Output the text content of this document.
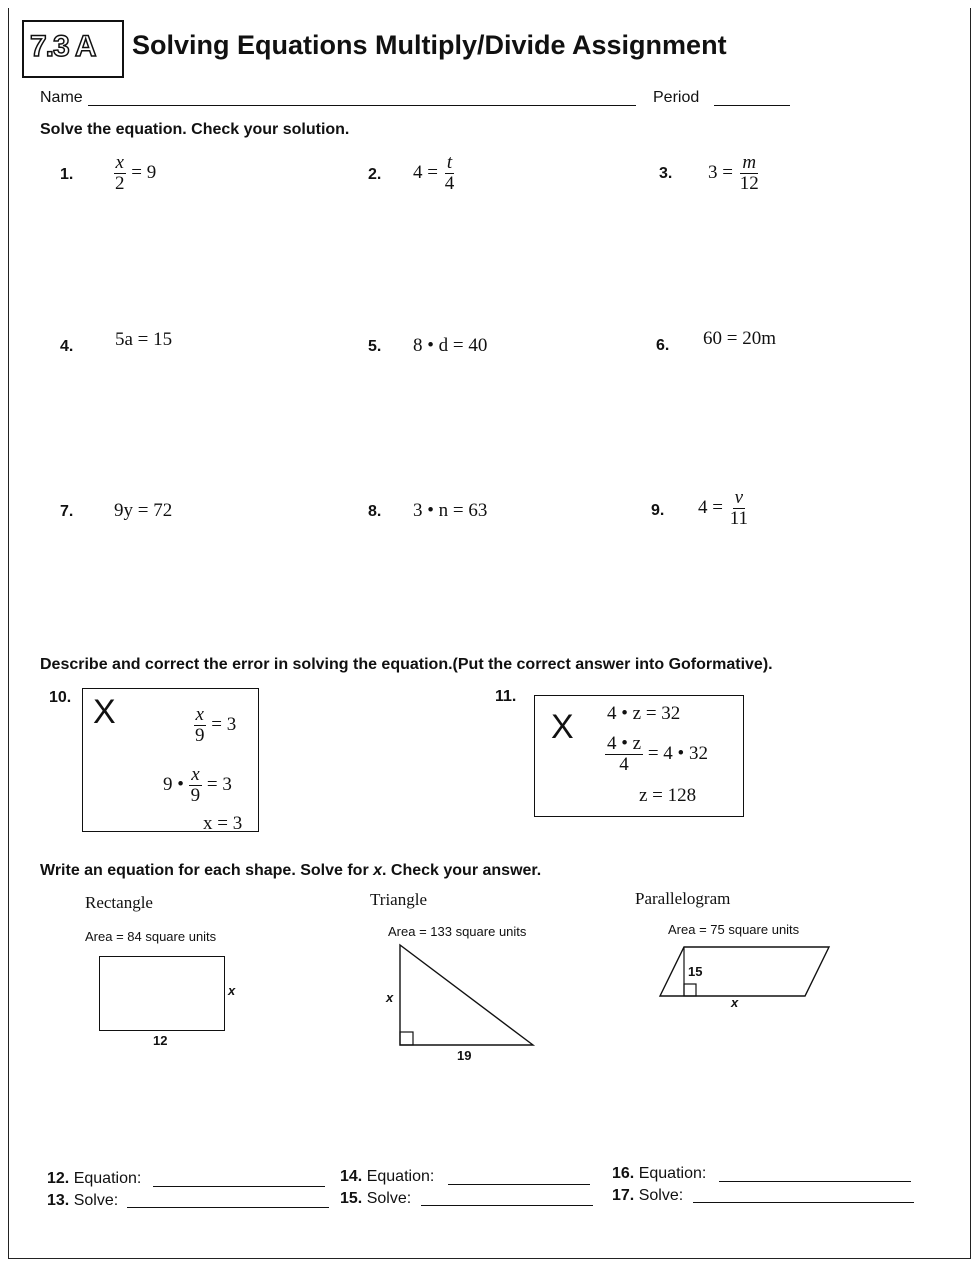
7.3 A Solving Equations Multiply/Divide Assignment
Name	Period
Solve the equation. Check your solution.
1. $\frac{x}{2} = 9$	2. $4 = \frac{t}{4}$	3. $3 = \frac{m}{12}$
4. 5a = 15	5. 8 • d = 40	6. 60 = 20m
7. 9y = 72	8. 3 • n = 63	9. $4 = \frac{v}{11}$
Describe and correct the error in solving the equation.(Put the correct answer into Goformative).
10. X	$\frac{x}{9} = 3$
9 • $\frac{x}{9} = 3$
x = 3
11.
X 4 • z = 32
$\frac{4 • z}{4} = 4$ • 32
z = 128
Write an equation for each shape. Solve for x. Check your answer.
Rectangle
Area = 84 square units
x
12
Triangle
Area = 133 square units
x
19
Parallelogram
Area = 75 square units
15
x
12. Equation:
13. Solve:
14. Equation:
15. Solve:
16. Equation:
17. Solve:
